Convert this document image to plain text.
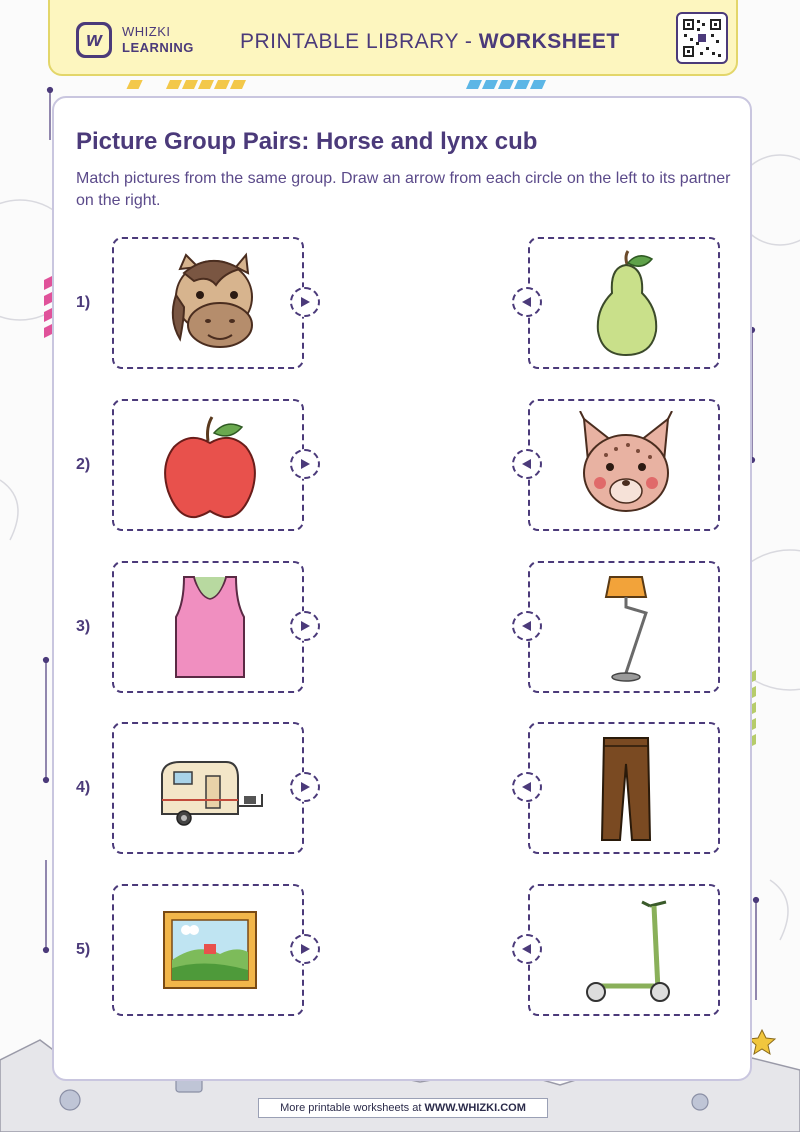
w	WHIZKI
LEARNING PRINTABLE LIBRARY - WORKSHEET
Picture Group Pairs: Horse and lynx cub
Match pictures from the same group. Draw an arrow from each circle on the left to its partner on the right.
1)
2)
3)
4)
5)
More printable worksheets at WWW.WHIZKI.COM
